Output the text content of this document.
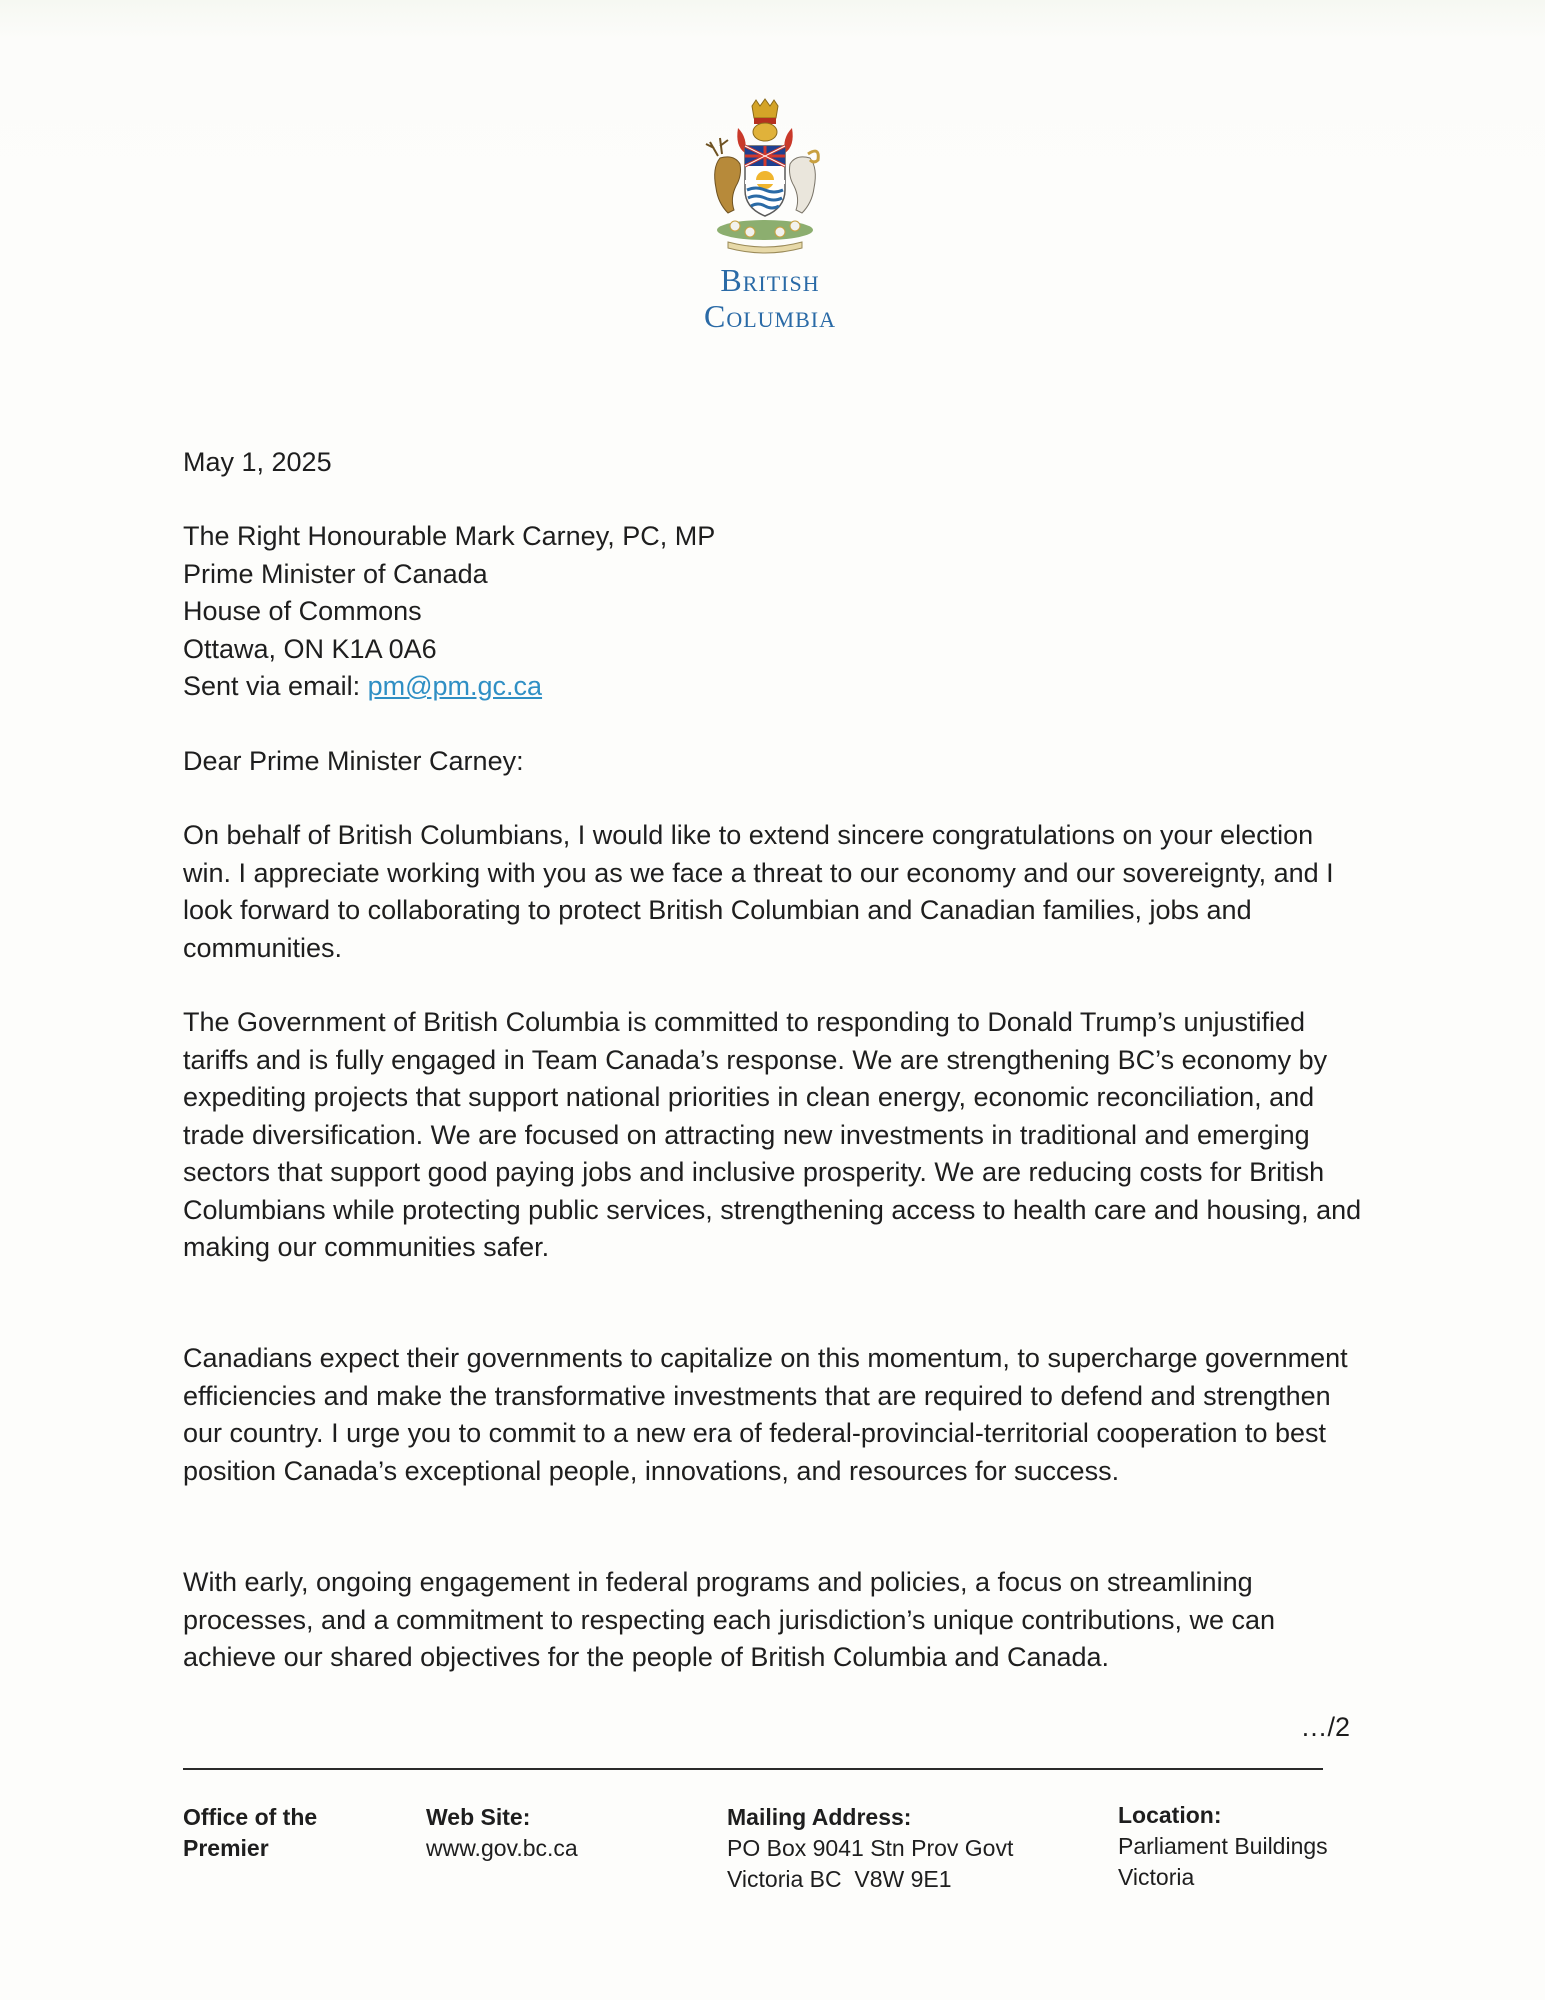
British
Columbia
May 1, 2025
The Right Honourable Mark Carney, PC, MP
Prime Minister of Canada
House of Commons
Ottawa, ON K1A 0A6
Sent via email: pm@pm.gc.ca
Dear Prime Minister Carney:
On behalf of British Columbians, I would like to extend sincere congratulations on your election win. I appreciate working with you as we face a threat to our economy and our sovereignty, and I look forward to collaborating to protect British Columbian and Canadian families, jobs and communities.
The Government of British Columbia is committed to responding to Donald Trump’s unjustified tariffs and is fully engaged in Team Canada’s response. We are strengthening BC’s economy by expediting projects that support national priorities in clean energy, economic reconciliation, and trade diversification. We are focused on attracting new investments in traditional and emerging sectors that support good paying jobs and inclusive prosperity. We are reducing costs for British Columbians while protecting public services, strengthening access to health care and housing, and making our communities safer.
Canadians expect their governments to capitalize on this momentum, to supercharge government efficiencies and make the transformative investments that are required to defend and strengthen our country. I urge you to commit to a new era of federal-provincial-territorial cooperation to best position Canada’s exceptional people, innovations, and resources for success.
With early, ongoing engagement in federal programs and policies, a focus on streamlining processes, and a commitment to respecting each jurisdiction’s unique contributions, we can achieve our shared objectives for the people of British Columbia and Canada.
…/2
Office of the
Premier
Web Site:
www.gov.bc.ca
Mailing Address:
PO Box 9041 Stn Prov Govt
Victoria BC  V8W 9E1
Location:
Parliament Buildings
Victoria
